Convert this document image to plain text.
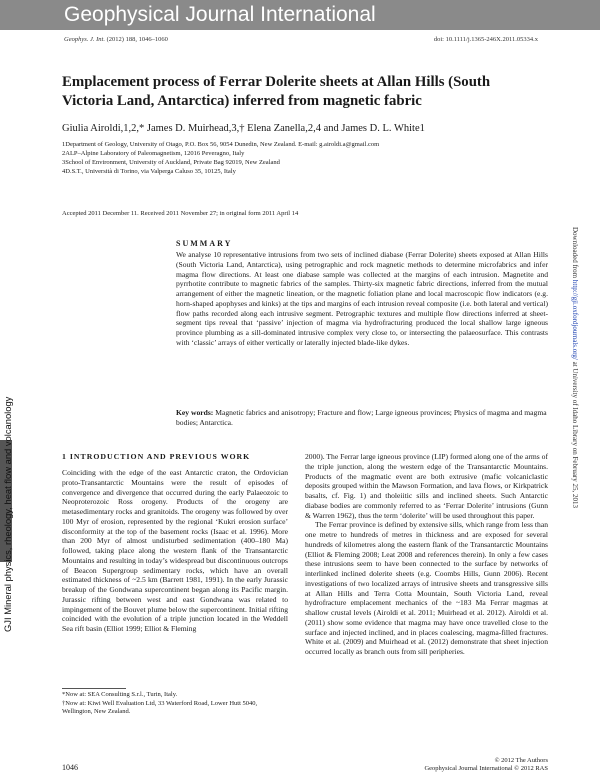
Geophysical Journal International
Geophys. J. Int. (2012) 188, 1046–1060	doi: 10.1111/j.1365-246X.2011.05334.x
Emplacement process of Ferrar Dolerite sheets at Allan Hills (South Victoria Land, Antarctica) inferred from magnetic fabric
Giulia Airoldi,1,2,* James D. Muirhead,3,† Elena Zanella,2,4 and James D. L. White1
1Department of Geology, University of Otago, P.O. Box 56, 9054 Dunedin, New Zealand. E-mail: g.airoldi.a@gmail.com
2ALP–Alpine Laboratory of Paleomagnetism, 12016 Peveragno, Italy
3School of Environment, University of Auckland, Private Bag 92019, New Zealand
4D.S.T., Università di Torino, via Valperga Caluso 35, 10125, Italy
Accepted 2011 December 11. Received 2011 November 27; in original form 2011 April 14
SUMMARY
We analyse 10 representative intrusions from two sets of inclined diabase (Ferrar Dolerite) sheets exposed at Allan Hills (South Victoria Land, Antarctica), using petrographic and rock magnetic methods to determine microfabrics and infer magma flow directions. At least one diabase sample was collected at the margins of each intrusion. Magnetite and pyrrhotite contribute to magnetic fabrics of the samples. Thirty-six magnetic fabric directions, inferred from the mutual arrangement of either the magnetic lineation, or the magnetic foliation plane and local macroscopic flow indicators (e.g. horn-shaped apophyses and kinks) at the tips and margins of each intrusion reveal composite (i.e. both lateral and vertical) flow paths recorded along each intrusive segment. Petrographic textures and multiple flow directions inferred at sheet-segment tips reveal that ‘passive’ injection of magma via hydrofracturing produced the local shallow large igneous province plumbing as a sill-dominated intrusive complex very close to, or intersecting the palaeosurface. This contrasts with ‘classic’ arrays of either vertically or laterally injected blade-like dykes.
Key words: Magnetic fabrics and anisotropy; Fracture and flow; Large igneous provinces; Physics of magma and magma bodies; Antarctica.
1 INTRODUCTION AND PREVIOUS WORK

Coinciding with the edge of the east Antarctic craton, the Ordovician proto-Transantarctic Mountains were the result of episodes of convergence and divergence that occurred during the early Palaeozoic to Neoproterozoic Ross orogeny. Products of the orogeny are metasedimentary rocks and granitoids. The orogeny was followed by over 100 Myr of erosion, represented by the regional ‘Kukri erosion surface’ disconformity at the top of the basement rocks (Isaac et al. 1996). More than 200 Myr of almost undisturbed sedimentation (400–180 Ma) followed, taking place along the western flank of the Transantarctic Mountains and resulting in today’s widespread but discontinuous outcrops of Beacon Supergroup sedimentary rocks, which have an overall estimated thickness of ~2.5 km (Barrett 1981, 1991). In the early Jurassic breakup of the Gondwana supercontinent began along its Pacific margin. Jurassic rifting between west and east Gondwana was related to impingement of the Bouvet plume below the supercontinent. Initial rifting coincided with the evolution of a triple junction located in the Weddell Sea rift basin (Elliot 1999; Elliot & Fleming

2000). The Ferrar large igneous province (LIP) formed along one of the arms of the triple junction, along the western edge of the Transantarctic Mountains. Products of the magmatic event are both extrusive (mafic volcaniclastic deposits grouped within the Mawson Formation, and lava flows, or Kirkpatrick basalts, cf. Fig. 1) and tholeiitic sills and inclined sheets. Such Antarctic diabase bodies are commonly referred to as ‘Ferrar Dolerite’ intrusions (Gunn & Warren 1962), thus the term ‘dolerite’ will be used throughout this paper.

The Ferrar province is defined by extensive sills, which range from less than one metre to hundreds of metres in thickness and are exposed for several hundreds of kilometres along the eastern flank of the Transantarctic Mountains (Elliot & Fleming 2008; Leat 2008 and references therein). In only a few cases these intrusions seem to have been connected to the surface by networks of interlinked inclined dolerite sheets (e.g. Coombs Hills, Gunn 2006). Recent investigations of two localized arrays of intrusive sheets and transgressive sills at Allan Hills and Terra Cotta Mountain, South Victoria Land, reveal hydrofracture emplacement mechanics of the ~183 Ma Ferrar magmas at shallow crustal levels (Airoldi et al. 2011; Muirhead et al. 2012). Airoldi et al. (2011) show some evidence that magma may have once travelled close to the surface and injected inclined, and in places coalescing, magma-filled fractures. White et al. (2009) and Muirhead et al. (2012) demonstrate that sheet injection occurred locally as branch outs from sill peripheries.

*Now at: SEA Consulting S.r.l., Turin, Italy.
†Now at: Kiwi Well Evaluation Ltd, 33 Waterford Road, Lower Hutt 5040, Wellington, New Zealand.
1046
© 2012 The Authors
Geophysical Journal International © 2012 RAS
GJI Mineral physics, rheology, heat flow and volcanology
Downloaded from http://gji.oxfordjournals.org/ at University of Idaho Library on February 25, 2013
